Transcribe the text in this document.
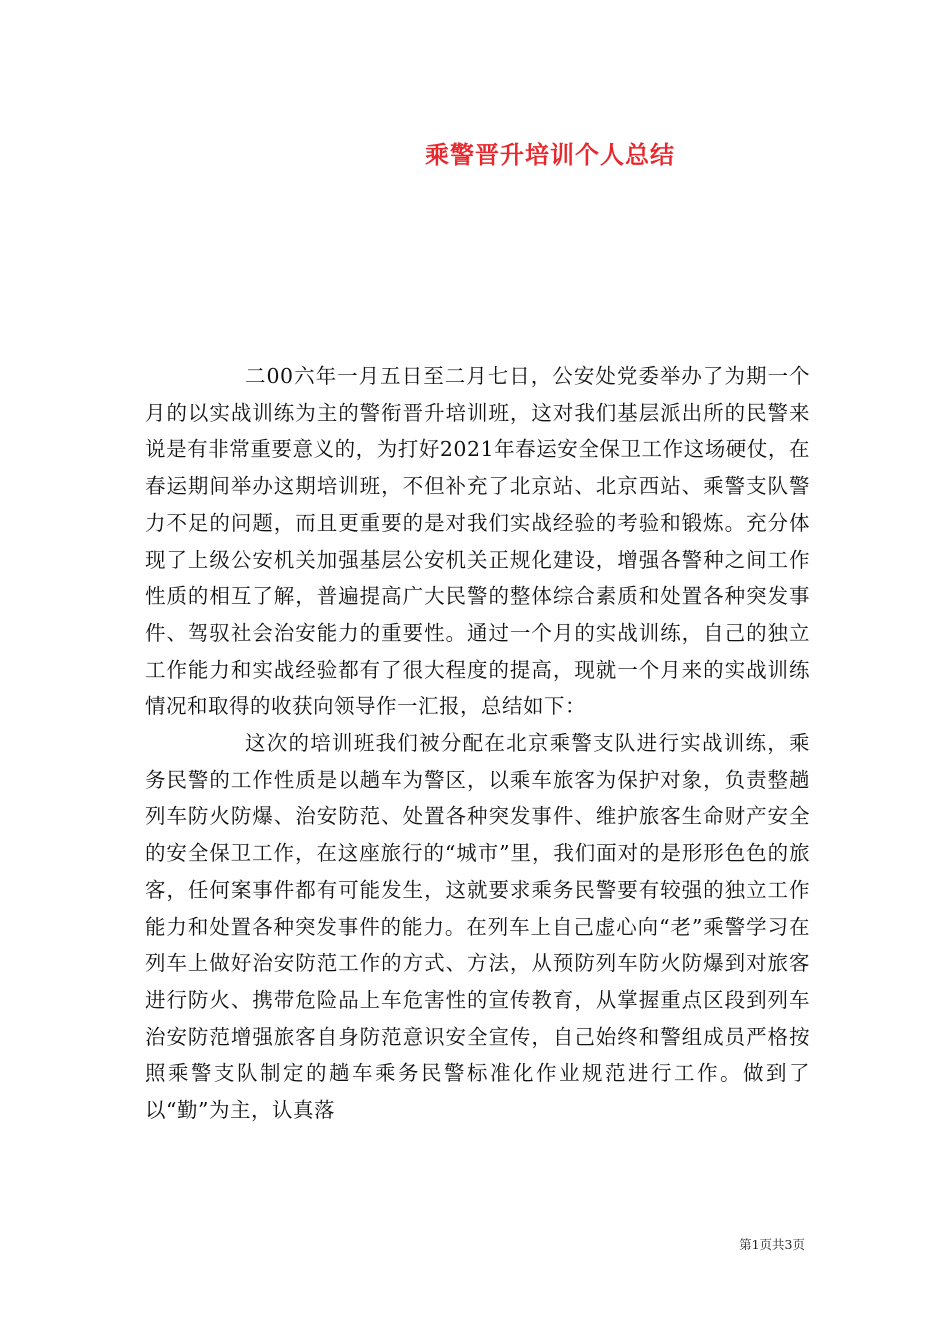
乘警晋升培训个人总结

二00六年一月五日至二月七日，公安处党委举办了为期一个月的以实战训练为主的警衔晋升培训班，这对我们基层派出所的民警来说是有非常重要意义的，为打好2021年春运安全保卫工作这场硬仗，在春运期间举办这期培训班，不但补充了北京站、北京西站、乘警支队警力不足的问题，而且更重要的是对我们实战经验的考验和锻炼。充分体现了上级公安机关加强基层公安机关正规化建设，增强各警种之间工作性质的相互了解，普遍提高广大民警的整体综合素质和处置各种突发事件、驾驭社会治安能力的重要性。通过一个月的实战训练，自己的独立工作能力和实战经验都有了很大程度的提高，现就一个月来的实战训练情况和取得的收获向领导作一汇报，总结如下：

这次的培训班我们被分配在北京乘警支队进行实战训练，乘务民警的工作性质是以趟车为警区，以乘车旅客为保护对象，负责整趟列车防火防爆、治安防范、处置各种突发事件、维护旅客生命财产安全的安全保卫工作，在这座旅行的“城市”里，我们面对的是形形色色的旅客，任何案事件都有可能发生，这就要求乘务民警要有较强的独立工作能力和处置各种突发事件的能力。在列车上自己虚心向“老”乘警学习在列车上做好治安防范工作的方式、方法，从预防列车防火防爆到对旅客进行防火、携带危险品上车危害性的宣传教育，从掌握重点区段到列车治安防范增强旅客自身防范意识安全宣传，自己始终和警组成员严格按照乘警支队制定的趟车乘务民警标准化作业规范进行工作。做到了以“勤”为主，认真落

第1页共3页
